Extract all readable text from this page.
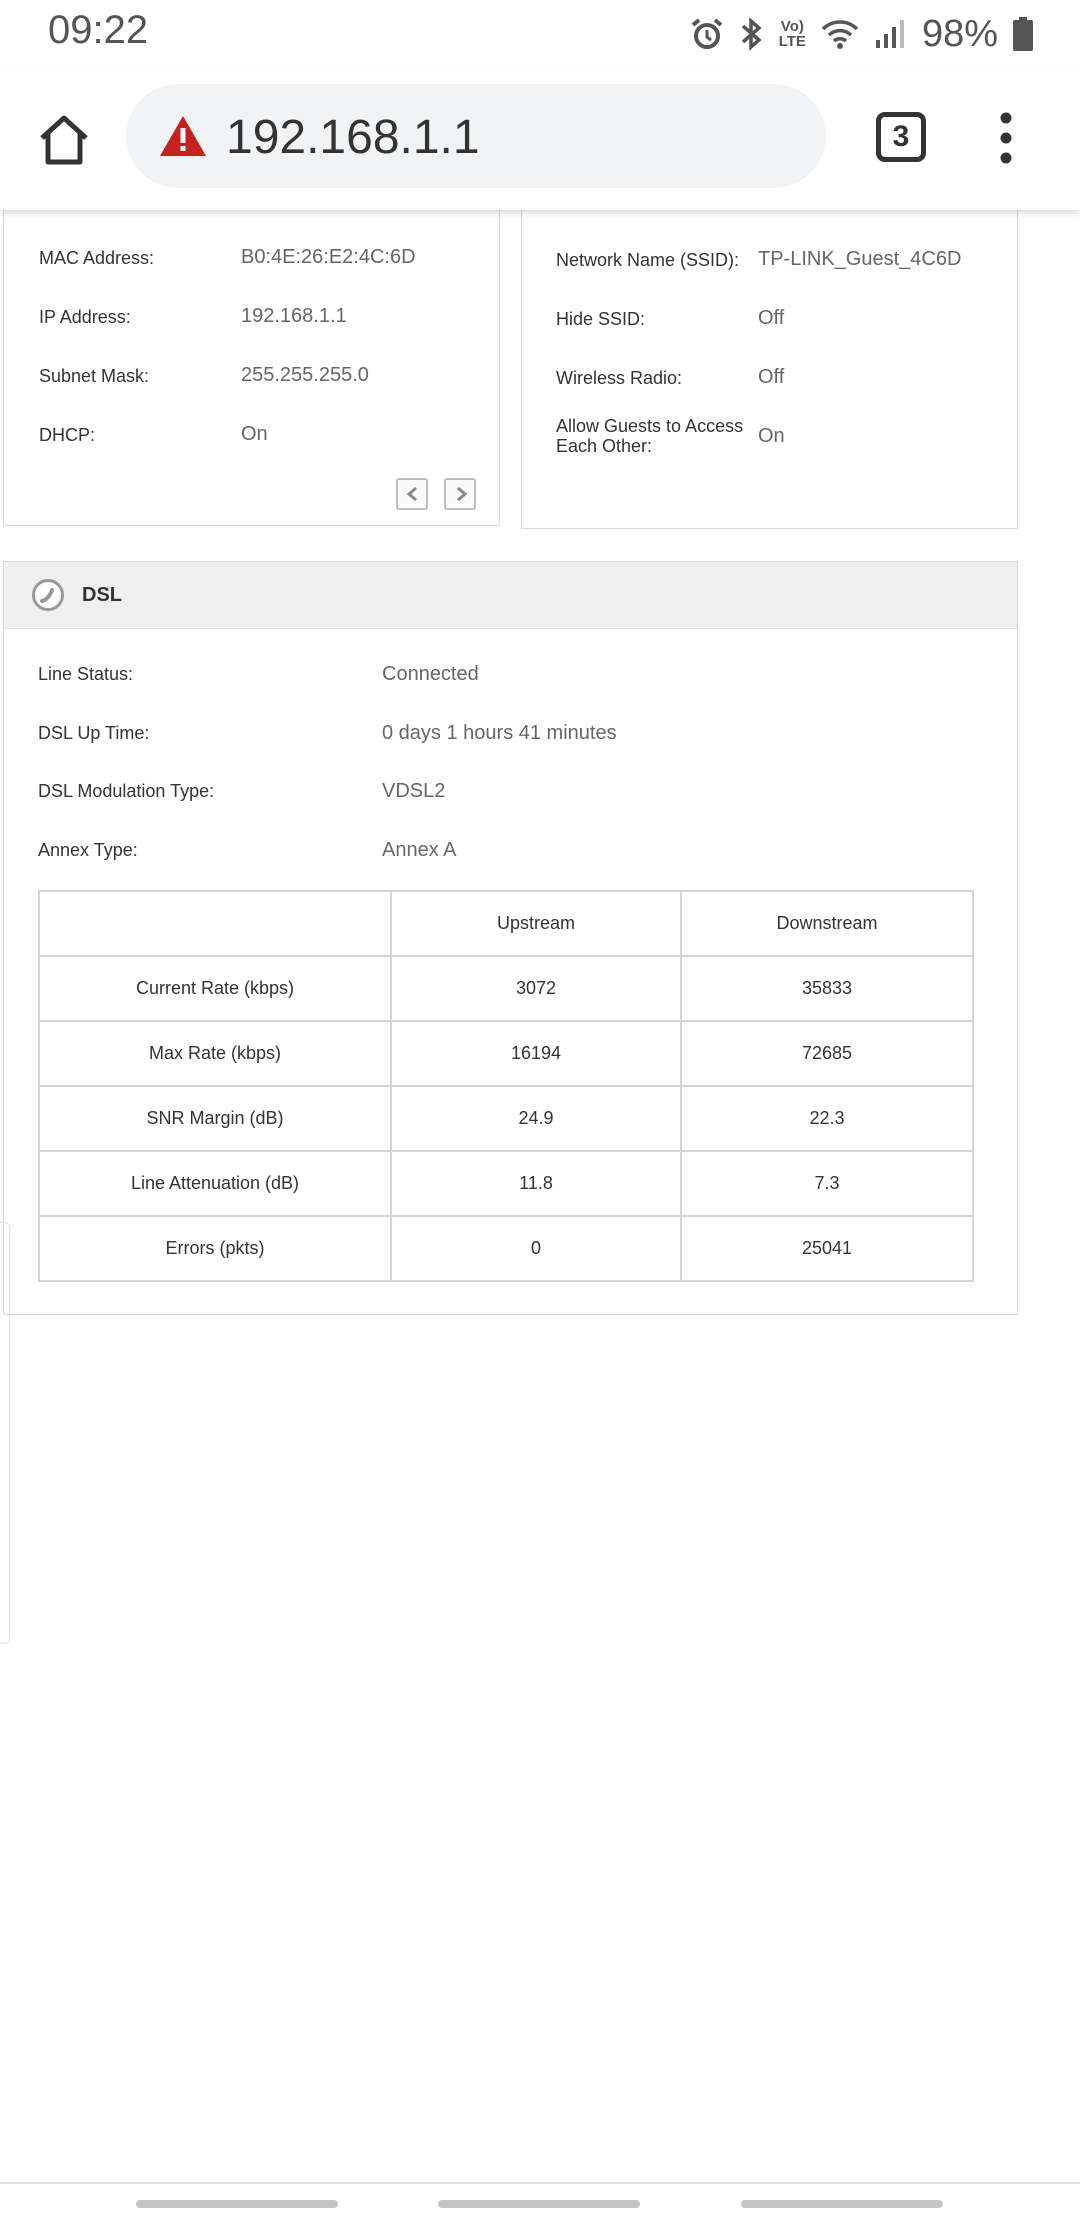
09:22	Vo)
LTE	98%
192.168.1.1	3
MAC Address:	B0:4E:26:E2:4C:6D
IP Address:	192.168.1.1
Subnet Mask:	255.255.255.0
DHCP:	On
Network Name (SSID): TP-LINK_Guest_4C6D
Hide SSID:	Off
Wireless Radio:	Off
Allow Guests to Access
Each Other:	On
DSL
Line Status:	Connected
DSL Up Time:	0 days 1 hours 41 minutes
DSL Modulation Type:	VDSL2
Annex Type:	Annex A
	Upstream	Downstream
Current Rate (kbps)	3072	35833
Max Rate (kbps)	16194	72685
SNR Margin (dB)	24.9	22.3
Line Attenuation (dB)	11.8	7.3
Errors (pkts)	0	25041
